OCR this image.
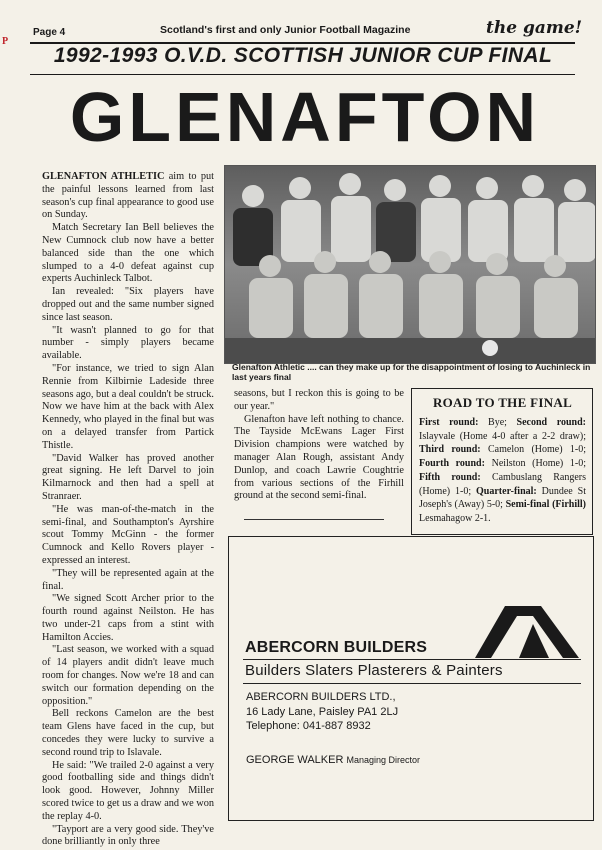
P
Page 4	Scotland's first and only Junior Football Magazine	the game!
1992-1993 O.V.D. SCOTTISH JUNIOR CUP FINAL
GLENAFTON

GLENAFTON ATHLETIC aim to put the painful lessons learned from last season's cup final appearance to good use on Sunday.

Match Secretary Ian Bell believes the New Cumnock club now have a better balanced side than the one which slumped to a 4-0 defeat against cup experts Auchinleck Talbot.

Ian revealed: "Six players have dropped out and the same number signed since last season.

"It wasn't planned to go for that number - simply players became available.

"For instance, we tried to sign Alan Rennie from Kilbirnie Ladeside three seasons ago, but a deal couldn't be struck. Now we have him at the back with Alex Kennedy, who played in the final but was on a delayed transfer from Partick Thistle.

"David Walker has proved another great signing. He left Darvel to join Kilmarnock and then had a spell at Stranraer.

"He was man-of-the-match in the semi-final, and Southampton's Ayrshire scout Tommy McGinn - the former Cumnock and Kello Rovers player - expressed an interest.

"They will be represented again at the final.

"We signed Scott Archer prior to the fourth round against Neilston. He has two under-21 caps from a stint with Hamilton Accies.

"Last season, we worked with a squad of 14 players andit didn't leave much room for changes. Now we're 18 and can switch our formation depending on the opposition."

Bell reckons Camelon are the best team Glens have faced in the cup, but concedes they were lucky to survive a second round trip to Islavale.

He said: "We trailed 2-0 against a very good footballing side and things didn't look good. However, Johnny Miller scored twice to get us a draw and we won the replay 4-0.

"Tayport are a very good side. They've done brilliantly in only three

Glenafton Athletic .... can they make up for the disappointment of losing to Auchinleck in last years final

seasons, but I reckon this is going to be our year."

Glenafton have left nothing to chance. The Tayside McEwans Lager First Division champions were watched by manager Alan Rough, assistant Andy Dunlop, and coach Lawrie Coughtrie from various sections of the Firhill ground at the second semi-final.

ROAD TO THE FINAL
First round: Bye; Second round: Islayvale (Home 4-0 after a 2-2 draw); Third round: Camelon (Home) 1-0; Fourth round: Neilston (Home) 1-0; Fifth round: Cambuslang Rangers (Home) 1-0; Quarter-final: Dundee St Joseph's (Away) 5-0; Semi-final (Firhill) Lesmahagow 2-1.
ABERCORN BUILDERS
Builders Slaters Plasterers & Painters
ABERCORN BUILDERS LTD.,
16 Lady Lane, Paisley PA1 2LJ
Telephone: 041-887 8932
GEORGE WALKER Managing Director
